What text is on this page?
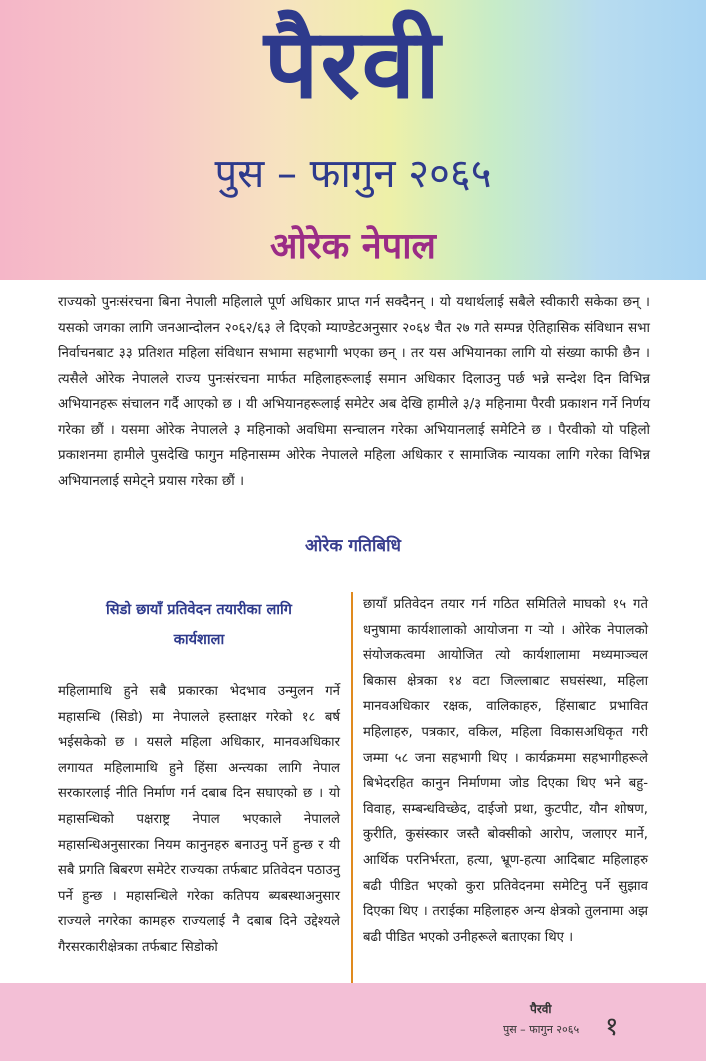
पैरवी
पुस – फागुन २०६५
ओरेक नेपाल

राज्यको पुनःसंरचना बिना नेपाली महिलाले पूर्ण अधिकार प्राप्त गर्न सक्दैनन् । यो यथार्थलाई सबैले स्वीकारी सकेका छन् । यसको जगका लागि जनआन्दोलन २०६२/६३ ले दिएको म्याण्डेटअनुसार २०६४ चैत २७ गते सम्पन्न ऐतिहासिक संविधान सभा निर्वाचनबाट ३३ प्रतिशत महिला संविधान सभामा सहभागी भएका छन् । तर यस अभियानका लागि यो संख्या काफी छैन । त्यसैले ओरेक नेपालले राज्य पुनःसंरचना मार्फत महिलाहरूलाई समान अधिकार दिलाउनु पर्छ भन्ने सन्देश दिन विभिन्न अभियानहरू संचालन गर्दै आएको छ । यी अभियानहरूलाई समेटेर अब देखि हामीले ३/३ महिनामा पैरवी प्रकाशन गर्ने निर्णय गरेका छौं । यसमा ओरेक नेपालले ३ महिनाको अवधिमा सन्चालन गरेका अभियानलाई समेटिने छ । पैरवीको यो पहिलो प्रकाशनमा हामीले पुसदेखि फागुन महिनासम्म ओरेक नेपालले महिला अधिकार र सामाजिक न्यायका लागि गरेका विभिन्न अभियानलाई समेट्ने प्रयास गरेका छौं ।

ओरेक गतिबिधि
सिडो छायाँ प्रतिवेदन तयारीका लागि
कार्यशाला

महिलामाथि हुने सबै प्रकारका भेदभाव उन्मुलन गर्ने महासन्धि (सिडो) मा नेपालले हस्ताक्षर गरेको १८ बर्ष भईसकेको छ । यसले महिला अधिकार, मानवअधिकार लगायत महिलामाथि हुने हिंसा अन्त्यका लागि नेपाल सरकारलाई नीति निर्माण गर्न दबाब दिन सघाएको छ । यो महासन्धिको पक्षराष्ट्र नेपाल भएकाले नेपालले महासन्धिअनुसारका नियम कानुनहरु बनाउनु पर्ने हुन्छ र यी सबै प्रगति बिबरण समेटेर राज्यका तर्फबाट प्रतिवेदन पठाउनु पर्ने हुन्छ । महासन्धिले गरेका कतिपय ब्यबस्थाअनुसार राज्यले नगरेका कामहरु राज्यलाई नै दबाब दिने उद्देश्यले गैरसरकारीक्षेत्रका तर्फबाट सिडोको

छायाँ प्रतिवेदन तयार गर्न गठित समितिले माघको १५ गते धनुषामा कार्यशालाको आयोजना ग र्‍यो । ओरेक नेपालको संयोजकत्वमा आयोजित त्यो कार्यशालामा मध्यमाञ्चल बिकास क्षेत्रका १४ वटा जिल्लाबाट सघसंस्था, महिला मानवअधिकार रक्षक, वालिकाहरु, हिंसाबाट प्रभावित महिलाहरु, पत्रकार, वकिल, महिला विकासअधिकृत गरी जम्मा ५८ जना सहभागी थिए । कार्यक्रममा सहभागीहरूले बिभेदरहित कानुन निर्माणमा जोड दिएका थिए भने बहु-विवाह, सम्बन्धविच्छेद, दाईजो प्रथा, कुटपीट, यौन शोषण, कुरीति, कुसंस्कार जस्तै बोक्सीको आरोप, जलाएर मार्ने, आर्थिक परनिर्भरता, हत्या, भ्रूण-हत्या आदिबाट महिलाहरु बढी पीडित भएको कुरा प्रतिवेदनमा समेटिनु पर्ने सुझाव दिएका थिए । तराईका महिलाहरु अन्य क्षेत्रको तुलनामा अझ बढी पीडित भएको उनीहरूले बताएका थिए ।

पैरवी
पुस – फागुन २०६५ १
